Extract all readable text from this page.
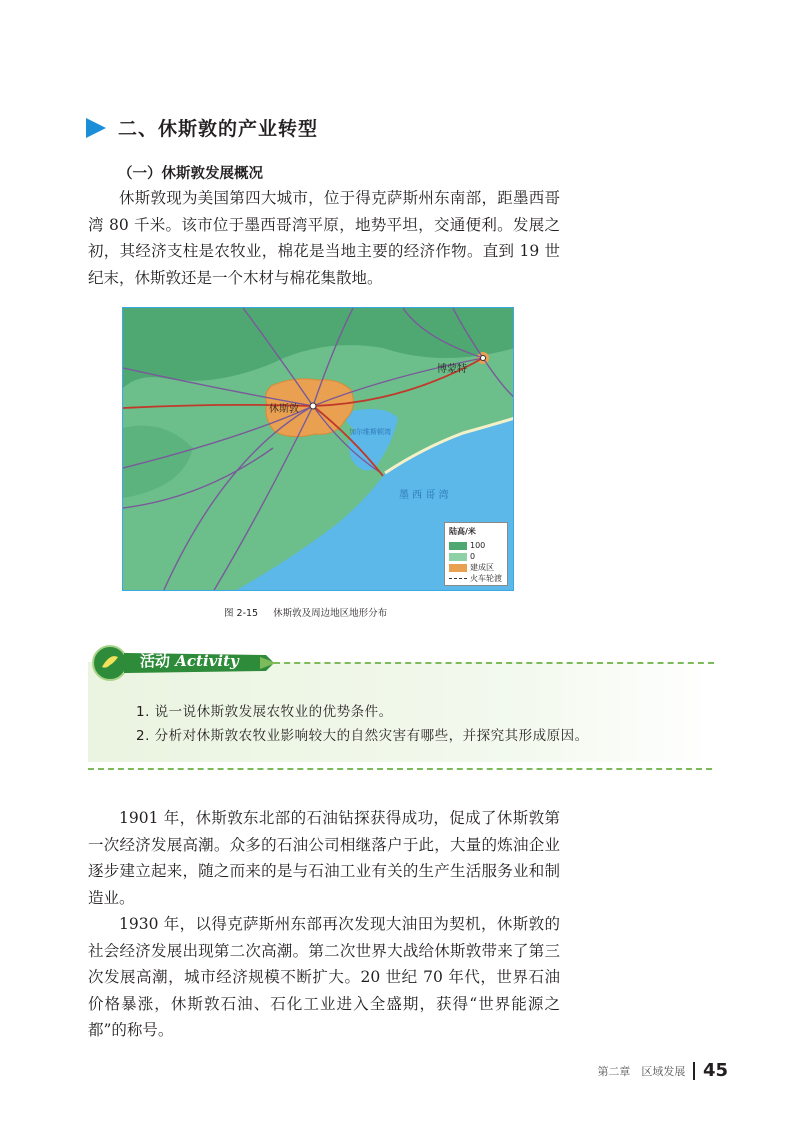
二、休斯敦的产业转型
（一）休斯敦发展概况

休斯敦现为美国第四大城市，位于得克萨斯州东南部，距墨西哥湾 80 千米。该市位于墨西哥湾平原，地势平坦，交通便利。发展之初，其经济支柱是农牧业，棉花是当地主要的经济作物。直到 19 世纪末，休斯敦还是一个木材与棉花集散地。

休斯敦
博蒙特
墨 西 哥 湾
加尔维斯顿湾
陆高/米
100
0
建成区
火车轮渡
图 2-15 休斯敦及周边地区地形分布
活动 Activity
1. 说一说休斯敦发展农牧业的优势条件。
2. 分析对休斯敦农牧业影响较大的自然灾害有哪些，并探究其形成原因。

1901 年，休斯敦东北部的石油钻探获得成功，促成了休斯敦第一次经济发展高潮。众多的石油公司相继落户于此，大量的炼油企业逐步建立起来，随之而来的是与石油工业有关的生产生活服务业和制造业。

1930 年，以得克萨斯州东部再次发现大油田为契机，休斯敦的社会经济发展出现第二次高潮。第二次世界大战给休斯敦带来了第三次发展高潮，城市经济规模不断扩大。20 世纪 70 年代，世界石油价格暴涨，休斯敦石油、石化工业进入全盛期，获得“世界能源之都”的称号。

第二章　区域发展 45
